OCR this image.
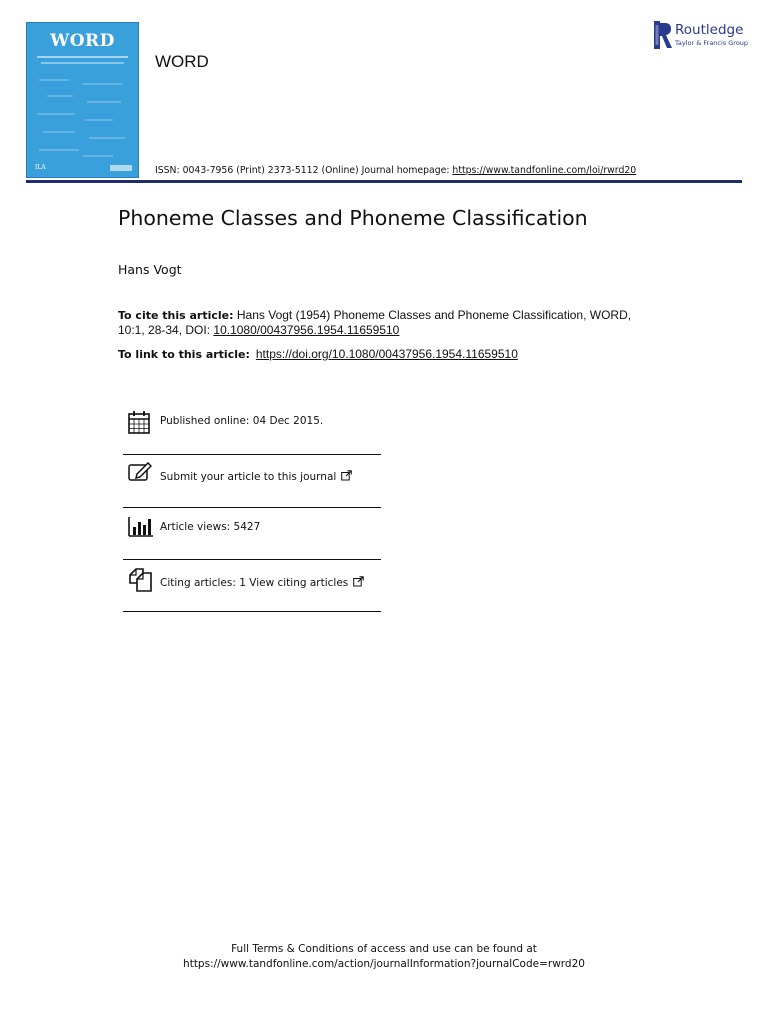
WORD
ILA
WORD
ISSN: 0043-7956 (Print) 2373-5112 (Online) Journal homepage: https://www.tandfonline.com/loi/rwrd20
Routledge
Taylor & Francis Group
Phoneme Classes and Phoneme Classification
Hans Vogt
To cite this article: Hans Vogt (1954) Phoneme Classes and Phoneme Classification, WORD, 10:1, 28-34, DOI: 10.1080/00437956.1954.11659510
To link to this article: https://doi.org/10.1080/00437956.1954.11659510
Published online: 04 Dec 2015.
Submit your article to this journal
Article views: 5427
Citing articles: 1 View citing articles
Full Terms & Conditions of access and use can be found at
https://www.tandfonline.com/action/journalInformation?journalCode=rwrd20
